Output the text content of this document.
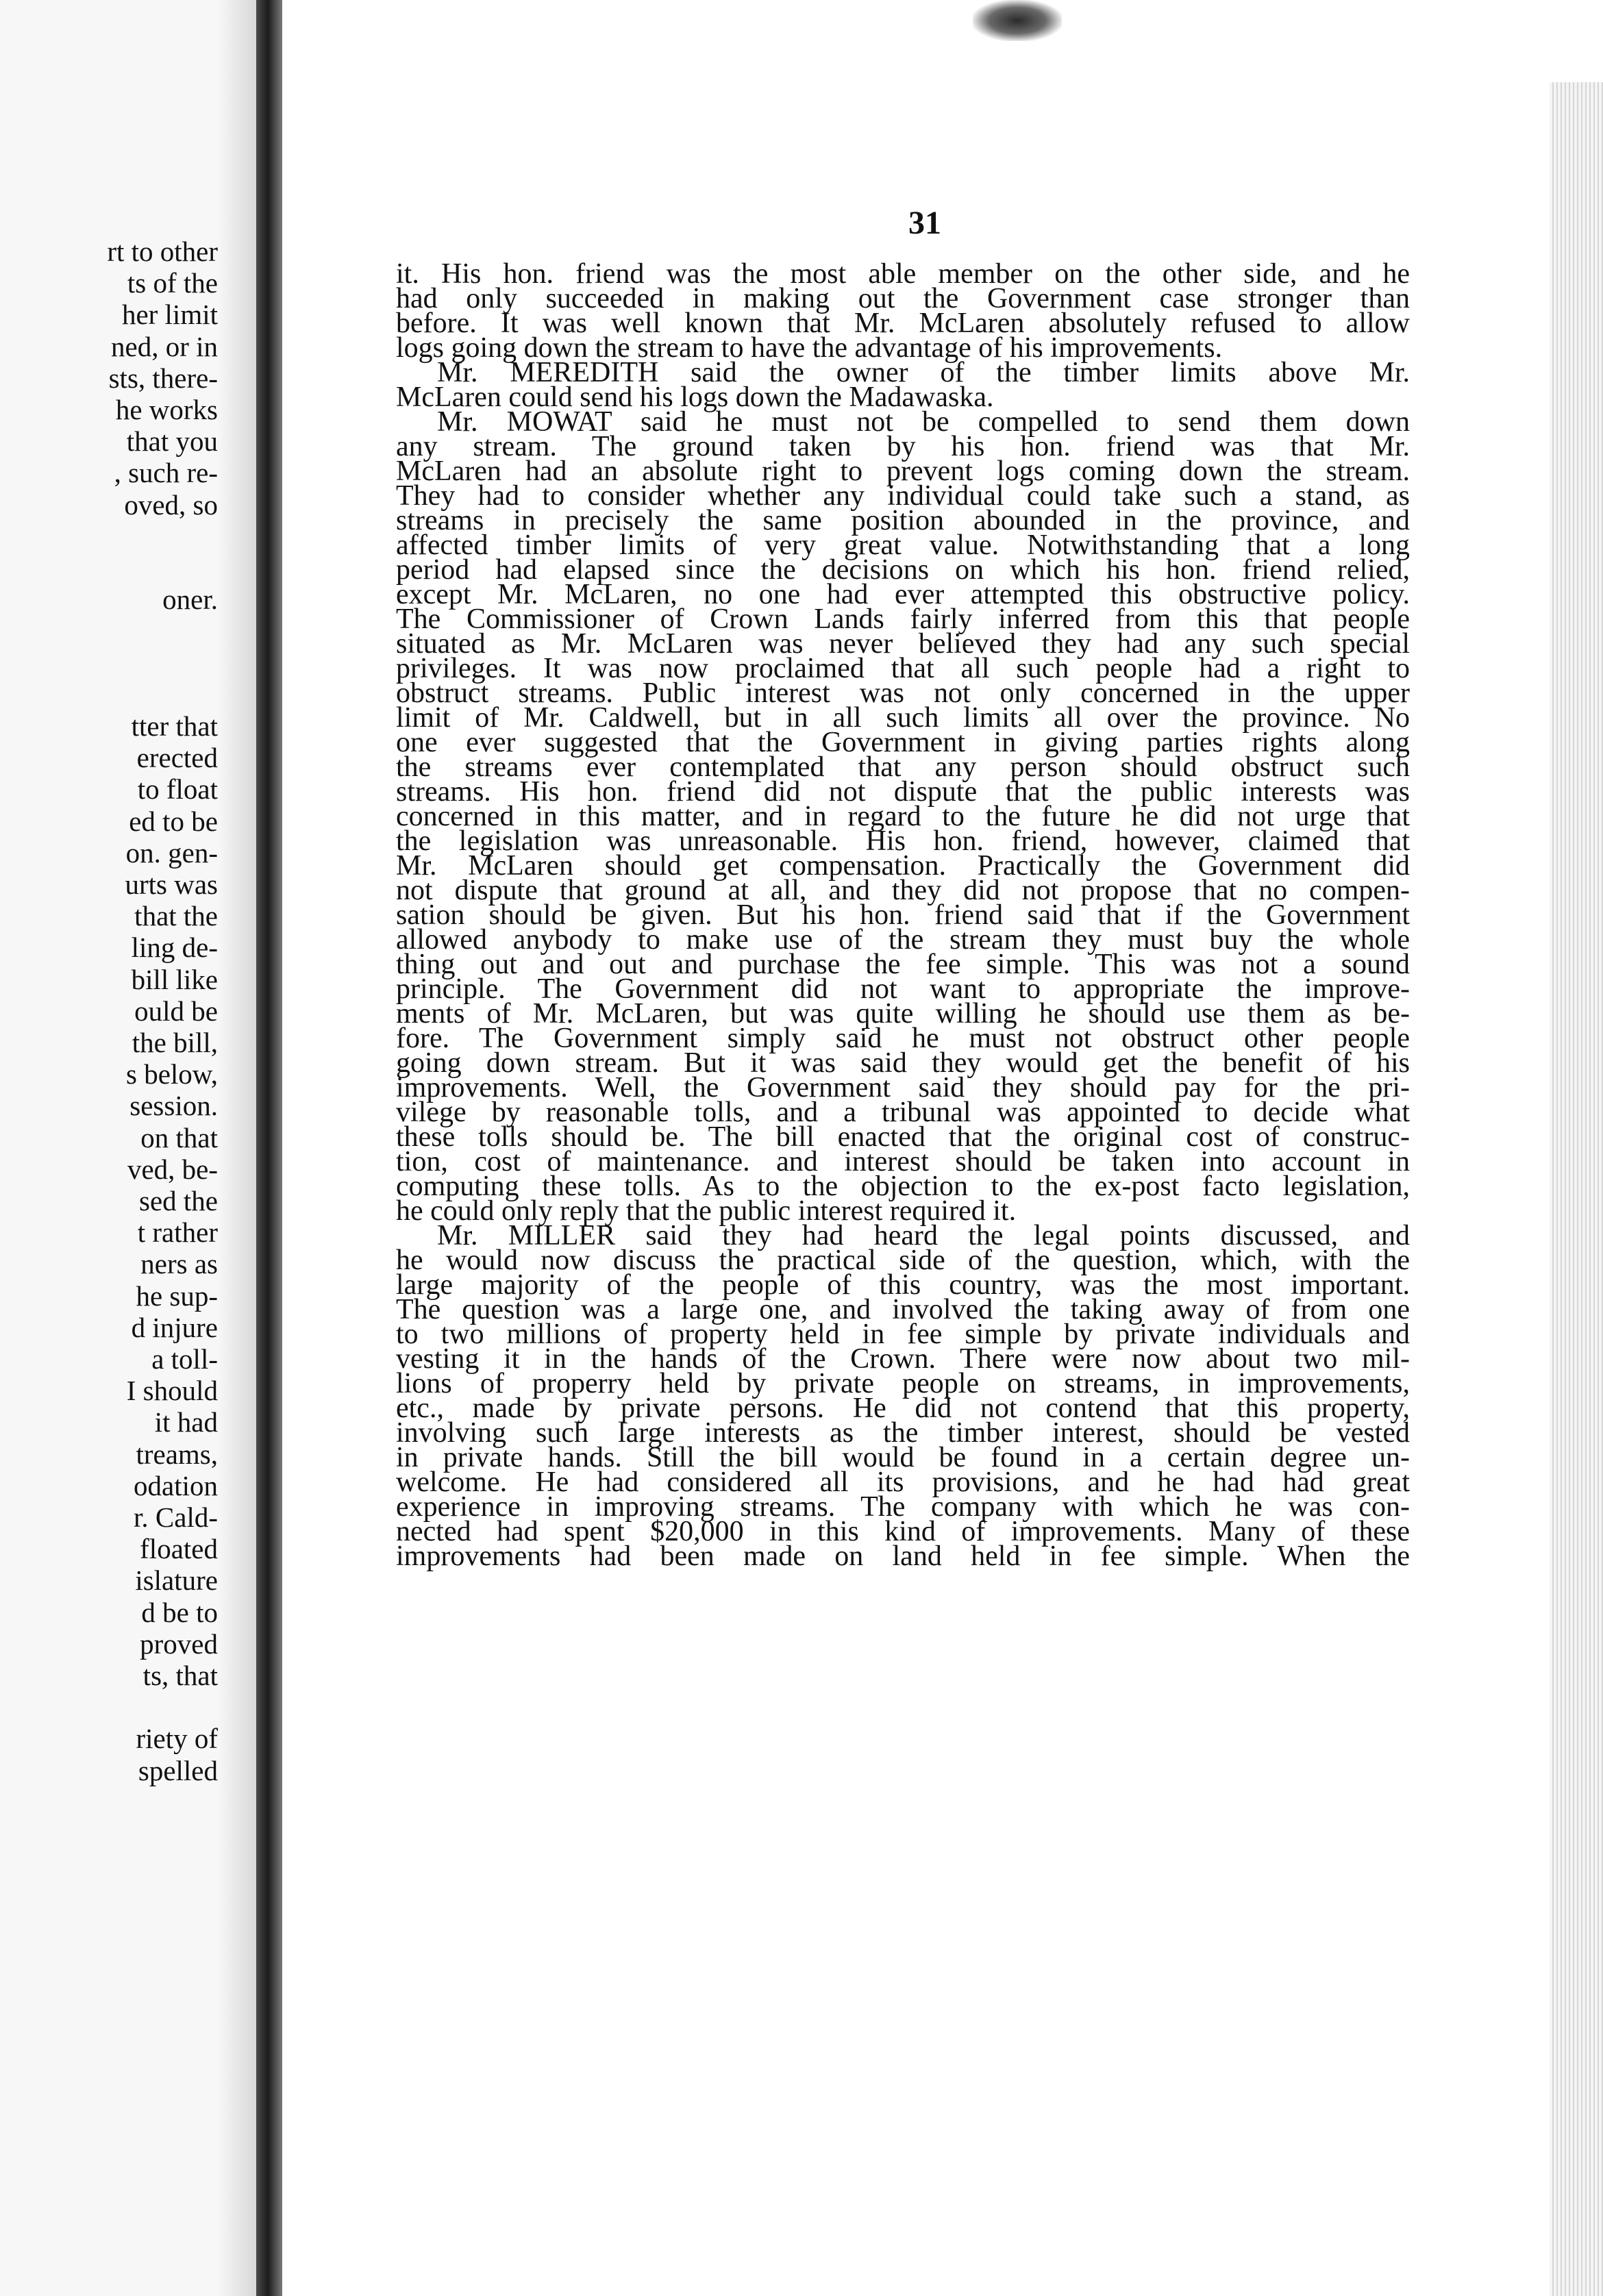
rt to other
ts of the
her limit
ned, or in
sts, there-
he works
that you
, such re-
oved, so
oner.
tter that
erected
to float
ed to be
on. gen-
urts was
that the
ling de-
bill like
ould be
the bill,
s below,
session.
on that
ved, be-
sed the
t rather
ners as
he sup-
d injure
a toll-
I should
it had
treams,
odation
r. Cald-
floated
islature
d be to
proved
ts, that
riety of
spelled
31
it. His hon. friend was the most able member on the other side, and he
had only succeeded in making out the Government case stronger than
before. It was well known that Mr. McLaren absolutely refused to allow
logs going down the stream to have the advantage of his improvements.
Mr. MEREDITH said the owner of the timber limits above Mr.
McLaren could send his logs down the Madawaska.
Mr. MOWAT said he must not be compelled to send them down
any stream. The ground taken by his hon. friend was that Mr.
McLaren had an absolute right to prevent logs coming down the stream.
They had to consider whether any individual could take such a stand, as
streams in precisely the same position abounded in the province, and
affected timber limits of very great value. Notwithstanding that a long
period had elapsed since the decisions on which his hon. friend relied,
except Mr. McLaren, no one had ever attempted this obstructive policy.
The Commissioner of Crown Lands fairly inferred from this that people
situated as Mr. McLaren was never believed they had any such special
privileges. It was now proclaimed that all such people had a right to
obstruct streams. Public interest was not only concerned in the upper
limit of Mr. Caldwell, but in all such limits all over the province. No
one ever suggested that the Government in giving parties rights along
the streams ever contemplated that any person should obstruct such
streams. His hon. friend did not dispute that the public interests was
concerned in this matter, and in regard to the future he did not urge that
the legislation was unreasonable. His hon. friend, however, claimed that
Mr. McLaren should get compensation. Practically the Government did
not dispute that ground at all, and they did not propose that no compen-
sation should be given. But his hon. friend said that if the Government
allowed anybody to make use of the stream they must buy the whole
thing out and out and purchase the fee simple. This was not a sound
principle. The Government did not want to appropriate the improve-
ments of Mr. McLaren, but was quite willing he should use them as be-
fore. The Government simply said he must not obstruct other people
going down stream. But it was said they would get the benefit of his
improvements. Well, the Government said they should pay for the pri-
vilege by reasonable tolls, and a tribunal was appointed to decide what
these tolls should be. The bill enacted that the original cost of construc-
tion, cost of maintenance. and interest should be taken into account in
computing these tolls. As to the objection to the ex-post facto legislation,
he could only reply that the public interest required it.
Mr. MILLER said they had heard the legal points discussed, and
he would now discuss the practical side of the question, which, with the
large majority of the people of this country, was the most important.
The question was a large one, and involved the taking away of from one
to two millions of property held in fee simple by private individuals and
vesting it in the hands of the Crown. There were now about two mil-
lions of properry held by private people on streams, in improvements,
etc., made by private persons. He did not contend that this property,
involving such large interests as the timber interest, should be vested
in private hands. Still the bill would be found in a certain degree un-
welcome. He had considered all its provisions, and he had had great
experience in improving streams. The company with which he was con-
nected had spent $20,000 in this kind of improvements. Many of these
improvements had been made on land held in fee simple. When the
